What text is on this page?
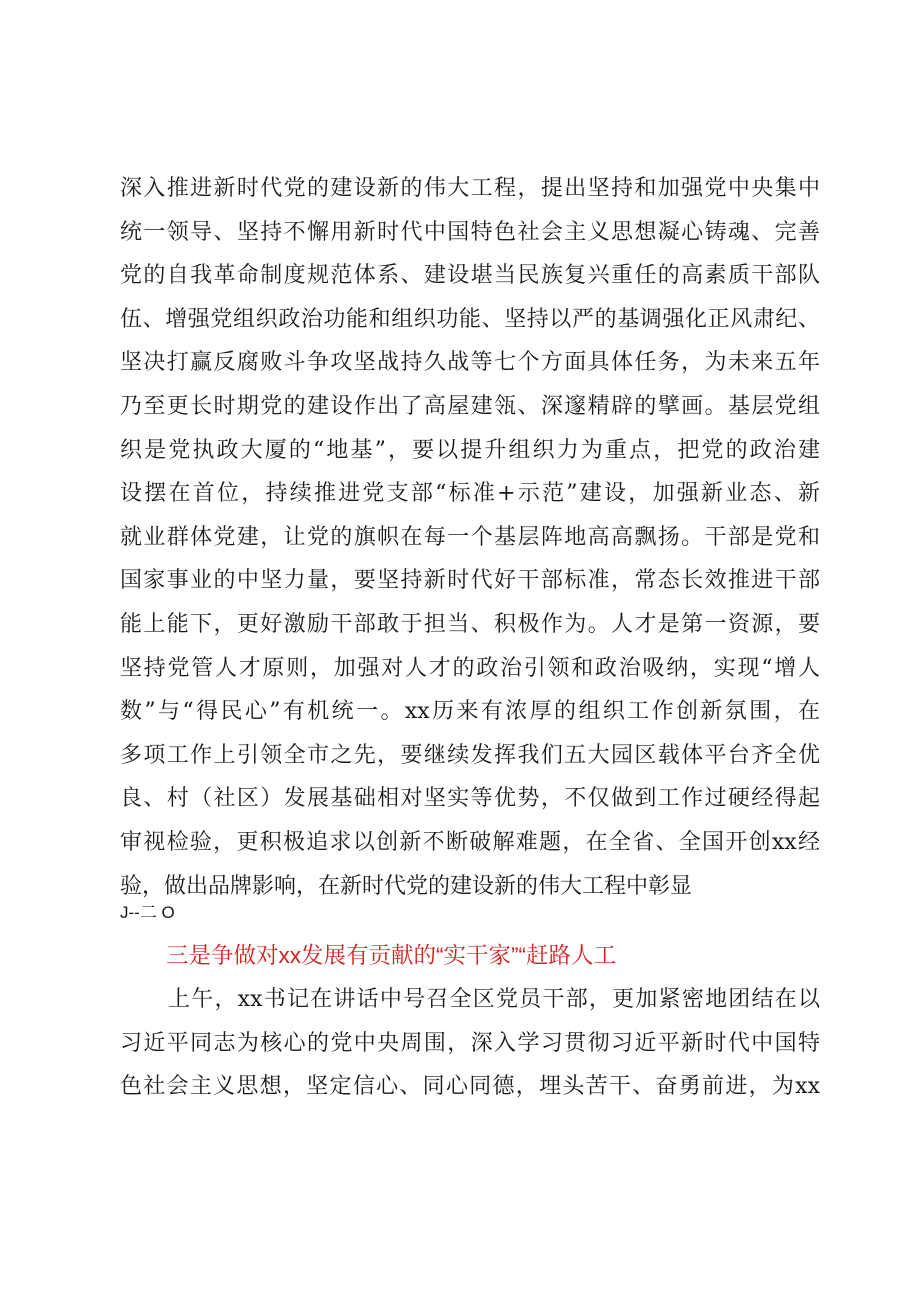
深入推进新时代党的建设新的伟大工程，提出坚持和加强党中央集中
统一领导、坚持不懈用新时代中国特色社会主义思想凝心铸魂、完善
党的自我革命制度规范体系、建设堪当民族复兴重任的高素质干部队
伍、增强党组织政治功能和组织功能、坚持以严的基调强化正风肃纪、
坚决打赢反腐败斗争攻坚战持久战等七个方面具体任务，为未来五年
乃至更长时期党的建设作出了高屋建瓴、深邃精辟的擘画。基层党组
织是党执政大厦的“地基”，要以提升组织力为重点，把党的政治建
设摆在首位，持续推进党支部“标准+示范”建设，加强新业态、新
就业群体党建，让党的旗帜在每一个基层阵地高高飘扬。干部是党和
国家事业的中坚力量，要坚持新时代好干部标准，常态长效推进干部
能上能下，更好激励干部敢于担当、积极作为。人才是第一资源，要
坚持党管人才原则，加强对人才的政治引领和政治吸纳，实现“增人
数”与“得民心”有机统一。xx历来有浓厚的组织工作创新氛围，在
多项工作上引领全市之先，要继续发挥我们五大园区载体平台齐全优
良、村（社区）发展基础相对坚实等优势，不仅做到工作过硬经得起
审视检验，更积极追求以创新不断破解难题，在全省、全国开创xx经
验，做出品牌影响，在新时代党的建设新的伟大工程中彰显
J--二 O
三是争做对xx发展有贡献的“实干家”“赶路人工
上午，xx书记在讲话中号召全区党员干部，更加紧密地团结在以
习近平同志为核心的党中央周围，深入学习贯彻习近平新时代中国特
色社会主义思想，坚定信心、同心同德，埋头苦干、奋勇前进，为xx
